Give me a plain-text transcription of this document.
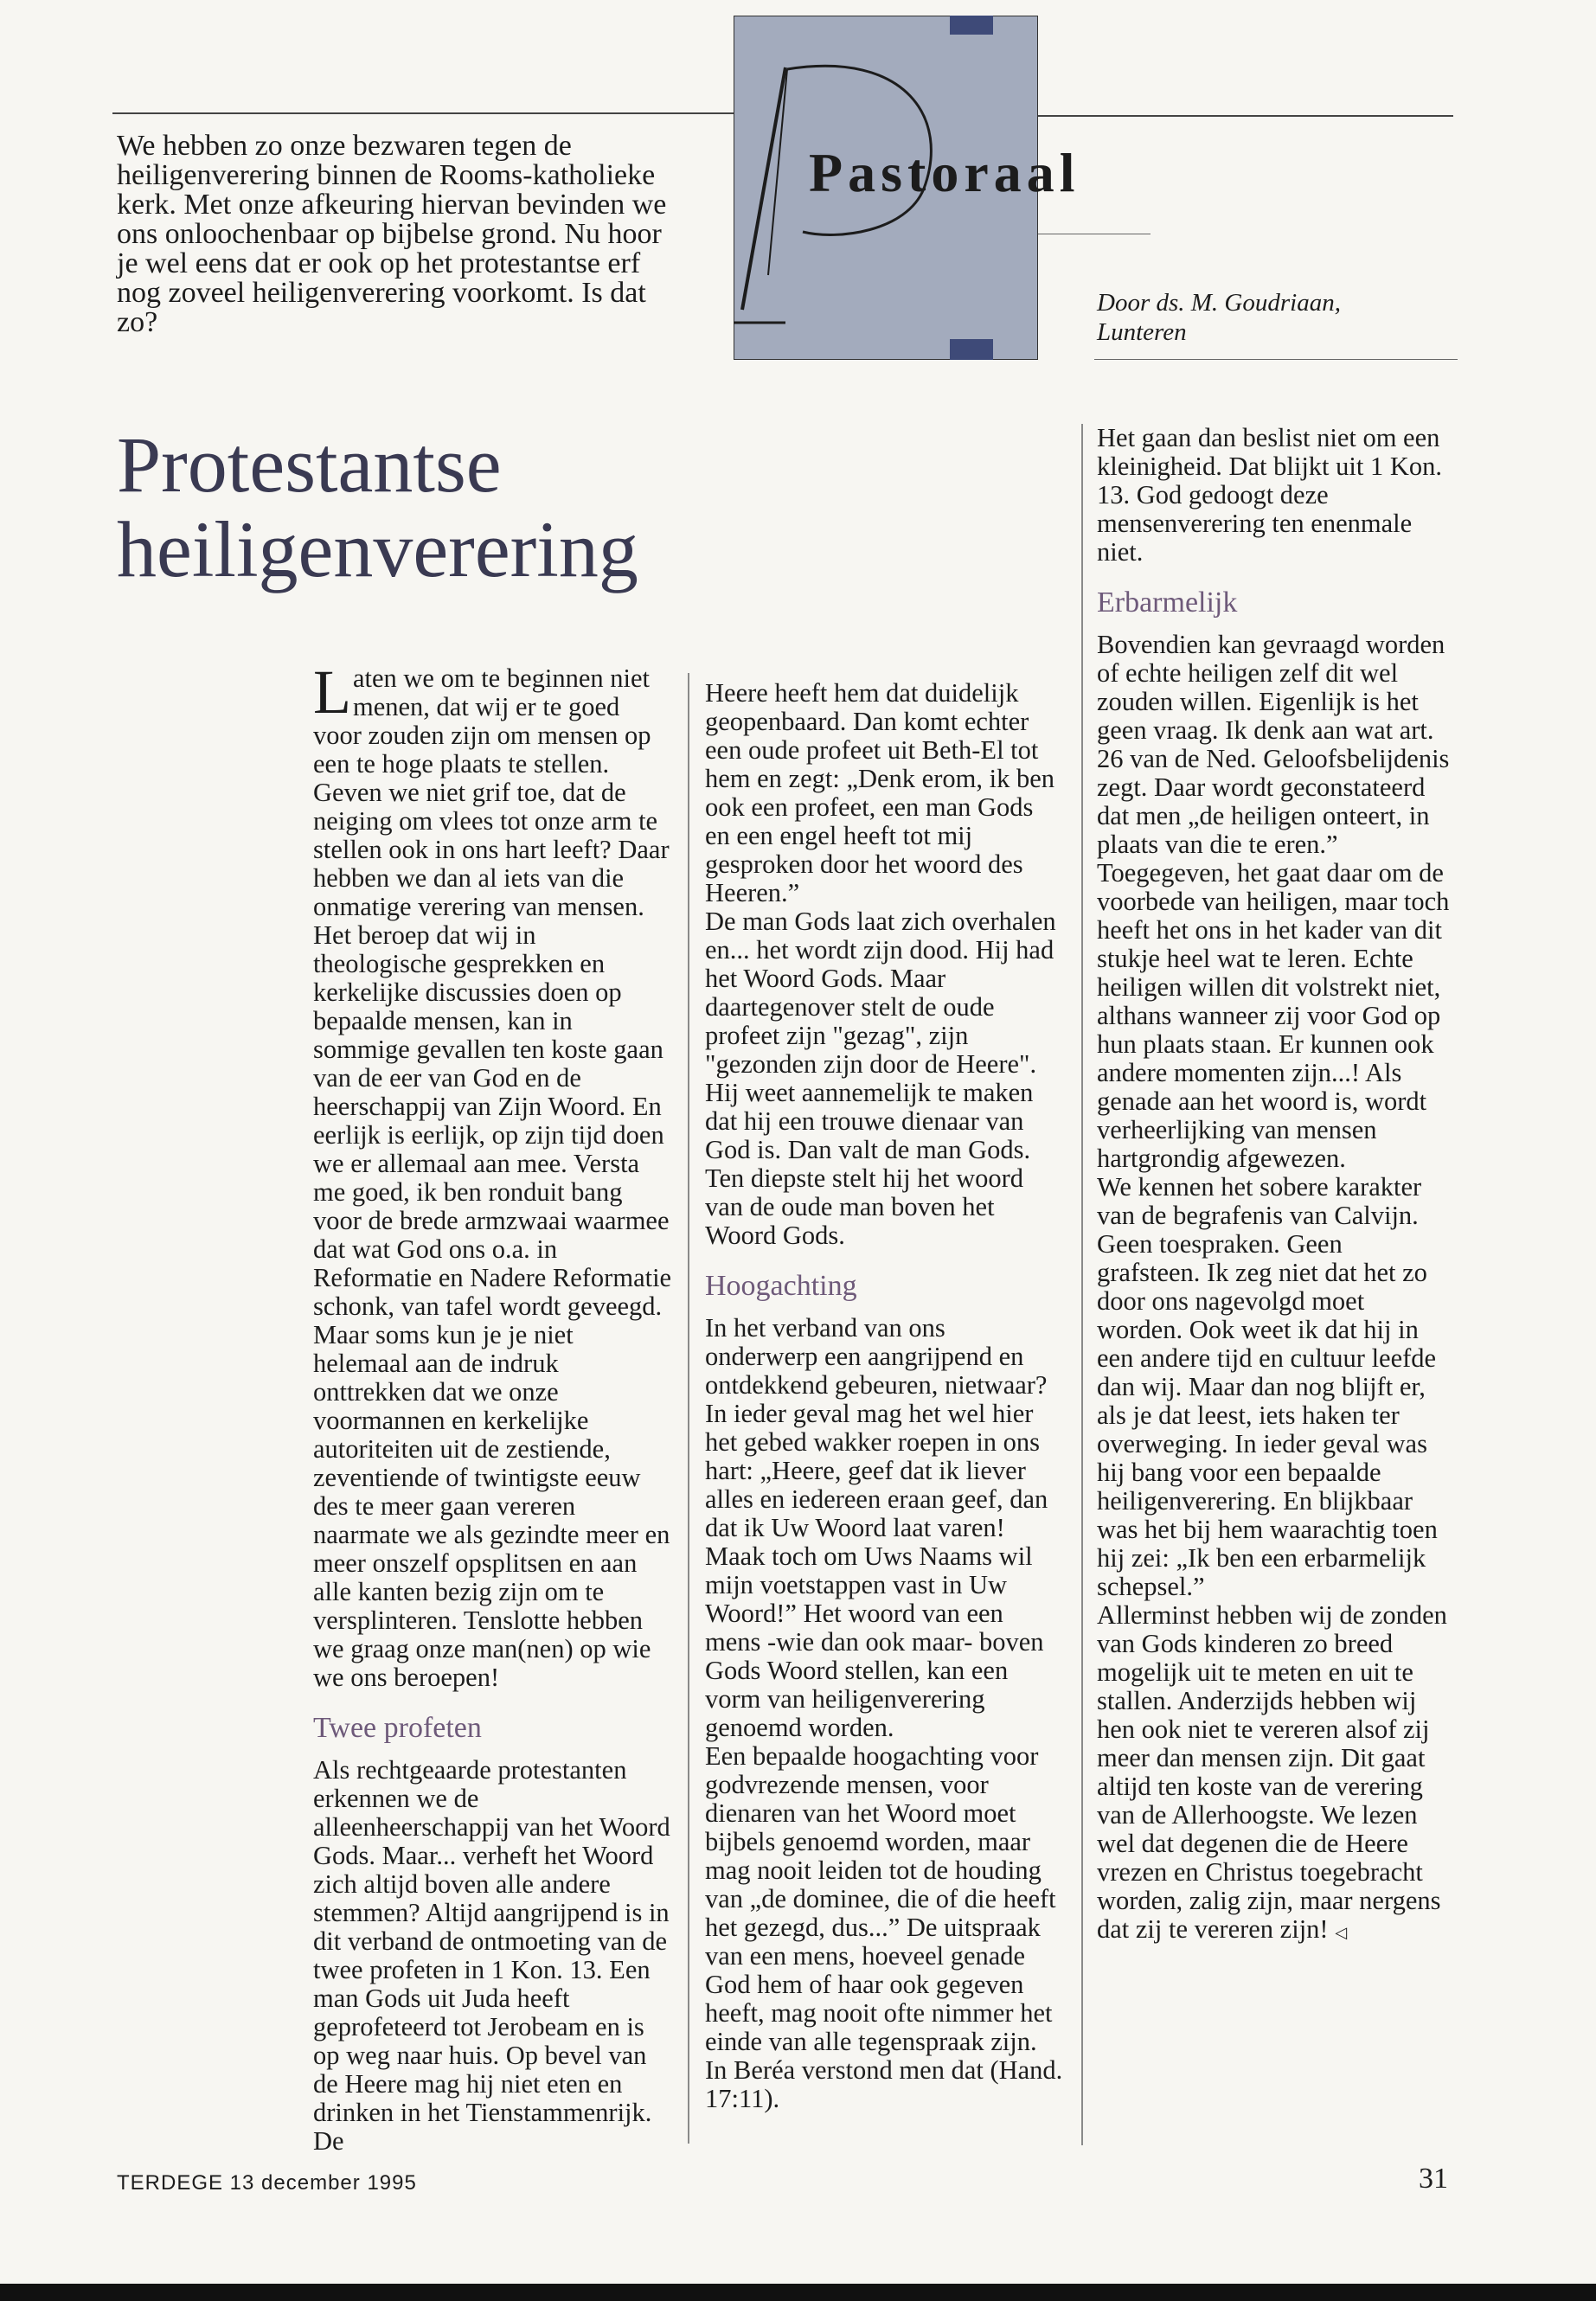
Pastoraal
Door ds. M. Goudriaan,
Lunteren
We hebben zo onze bezwaren tegen de heiligenverering binnen de Rooms-katholieke kerk. Met onze afkeuring hiervan bevinden we ons onloochenbaar op bijbelse grond. Nu hoor je wel eens dat er ook op het protestantse erf nog zoveel heiligenverering voorkomt. Is dat zo?
Protestantse
heiligenverering

Laten we om te beginnen niet menen, dat wij er te goed voor zouden zijn om mensen op een te hoge plaats te stellen. Geven we niet grif toe, dat de neiging om vlees tot onze arm te stellen ook in ons hart leeft? Daar hebben we dan al iets van die onmatige verering van mensen.

Het beroep dat wij in theologische gesprekken en kerkelijke discussies doen op bepaalde mensen, kan in sommige gevallen ten koste gaan van de eer van God en de heerschappij van Zijn Woord. En eerlijk is eerlijk, op zijn tijd doen we er allemaal aan mee. Versta me goed, ik ben ronduit bang voor de brede armzwaai waarmee dat wat God ons o.a. in Reformatie en Nadere Reformatie schonk, van tafel wordt geveegd.

Maar soms kun je je niet helemaal aan de indruk onttrekken dat we onze voormannen en kerkelijke autoriteiten uit de zestiende, zeventiende of twintigste eeuw des te meer gaan vereren naarmate we als gezindte meer en meer onszelf opsplitsen en aan alle kanten bezig zijn om te versplinteren. Tenslotte hebben we graag onze man(nen) op wie we ons beroepen!

Twee profeten

Als rechtgeaarde protestanten erkennen we de alleenheerschappij van het Woord Gods. Maar... verheft het Woord zich altijd boven alle andere stemmen? Altijd aangrijpend is in dit verband de ontmoeting van de twee profeten in 1 Kon. 13. Een man Gods uit Juda heeft geprofeteerd tot Jerobeam en is op weg naar huis. Op bevel van de Heere mag hij niet eten en drinken in het Tienstammenrijk. De

Heere heeft hem dat duidelijk geopenbaard. Dan komt echter een oude profeet uit Beth-El tot hem en zegt: „Denk erom, ik ben ook een profeet, een man Gods en een engel heeft tot mij gesproken door het woord des Heeren.”

De man Gods laat zich overhalen en... het wordt zijn dood. Hij had het Woord Gods. Maar daartegenover stelt de oude profeet zijn "gezag", zijn "gezonden zijn door de Heere". Hij weet aannemelijk te maken dat hij een trouwe dienaar van God is. Dan valt de man Gods. Ten diepste stelt hij het woord van de oude man boven het Woord Gods.

Hoogachting

In het verband van ons onderwerp een aangrijpend en ontdekkend gebeuren, nietwaar? In ieder geval mag het wel hier het gebed wakker roepen in ons hart: „Heere, geef dat ik liever alles en iedereen eraan geef, dan dat ik Uw Woord laat varen! Maak toch om Uws Naams wil mijn voetstappen vast in Uw Woord!” Het woord van een mens -wie dan ook maar- boven Gods Woord stellen, kan een vorm van heiligenverering genoemd worden.

Een bepaalde hoogachting voor godvrezende mensen, voor dienaren van het Woord moet bijbels genoemd worden, maar mag nooit leiden tot de houding van „de dominee, die of die heeft het gezegd, dus...” De uitspraak van een mens, hoeveel genade God hem of haar ook gegeven heeft, mag nooit ofte nimmer het einde van alle tegenspraak zijn. In Beréa verstond men dat (Hand. 17:11).

Het gaan dan beslist niet om een kleinigheid. Dat blijkt uit 1 Kon. 13. God gedoogt deze mensenverering ten enenmale niet.

Erbarmelijk

Bovendien kan gevraagd worden of echte heiligen zelf dit wel zouden willen. Eigenlijk is het geen vraag. Ik denk aan wat art. 26 van de Ned. Geloofsbelijdenis zegt. Daar wordt geconstateerd dat men „de heiligen onteert, in plaats van die te eren.” Toegegeven, het gaat daar om de voorbede van heiligen, maar toch heeft het ons in het kader van dit stukje heel wat te leren. Echte heiligen willen dit volstrekt niet, althans wanneer zij voor God op hun plaats staan. Er kunnen ook andere momenten zijn...! Als genade aan het woord is, wordt verheerlijking van mensen hartgrondig afgewezen.

We kennen het sobere karakter van de begrafenis van Calvijn. Geen toespraken. Geen grafsteen. Ik zeg niet dat het zo door ons nagevolgd moet worden. Ook weet ik dat hij in een andere tijd en cultuur leefde dan wij. Maar dan nog blijft er, als je dat leest, iets haken ter overweging. In ieder geval was hij bang voor een bepaalde heiligenverering. En blijkbaar was het bij hem waarachtig toen hij zei: „Ik ben een erbarmelijk schepsel.”

Allerminst hebben wij de zonden van Gods kinderen zo breed mogelijk uit te meten en uit te stallen. Anderzijds hebben wij hen ook niet te vereren alsof zij meer dan mensen zijn. Dit gaat altijd ten koste van de verering van de Allerhoogste. We lezen wel dat degenen die de Heere vrezen en Christus toegebracht worden, zalig zijn, maar nergens dat zij te vereren zijn! ◁

TERDEGE 13 december 1995	31
